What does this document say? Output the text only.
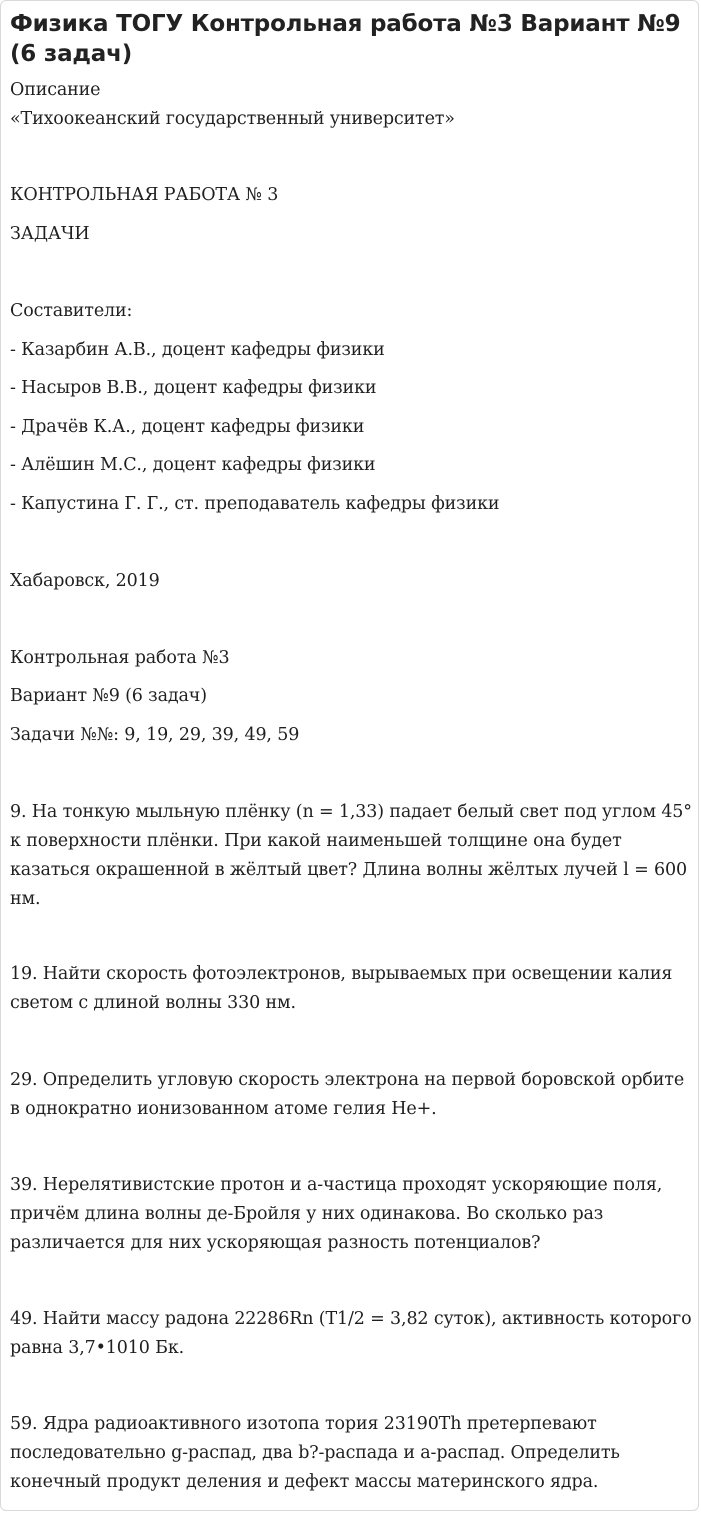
Физика ТОГУ Контрольная работа №3 Вариант №9 (6 задач)
Описание
«Тихоокеанский государственный университет»
КОНТРОЛЬНАЯ РАБОТА № 3
ЗАДАЧИ
Составители:
- Казарбин А.В., доцент кафедры физики
- Насыров В.В., доцент кафедры физики
- Драчёв К.А., доцент кафедры физики
- Алёшин М.С., доцент кафедры физики
- Капустина Г. Г., ст. преподаватель кафедры физики
Хабаровск, 2019
Контрольная работа №3
Вариант №9 (6 задач)
Задачи №№: 9, 19, 29, 39, 49, 59
9. На тонкую мыльную плёнку (n = 1,33) падает белый свет под углом 45° к поверхности плёнки. При какой наименьшей толщине она будет казаться окрашенной в жёлтый цвет? Длина волны жёлтых лучей l = 600 нм.
19. Найти скорость фотоэлектронов, вырываемых при освещении калия светом с длиной волны 330 нм.
29. Определить угловую скорость электрона на первой боровской орбите в однократно ионизованном атоме гелия He+.
39. Нерелятивистские протон и a-частица проходят ускоряющие поля, причём длина волны де-Бройля у них одинакова. Во сколько раз различается для них ускоряющая разность потенциалов?
49. Найти массу радона 22286Rn (T1/2 = 3,82 суток), активность которого равна 3,7•1010 Бк.
59. Ядра радиоактивного изотопа тория 23190Th претерпевают последовательно g-распад, два b?-распада и a-распад. Определить конечный продукт деления и дефект массы материнского ядра.
